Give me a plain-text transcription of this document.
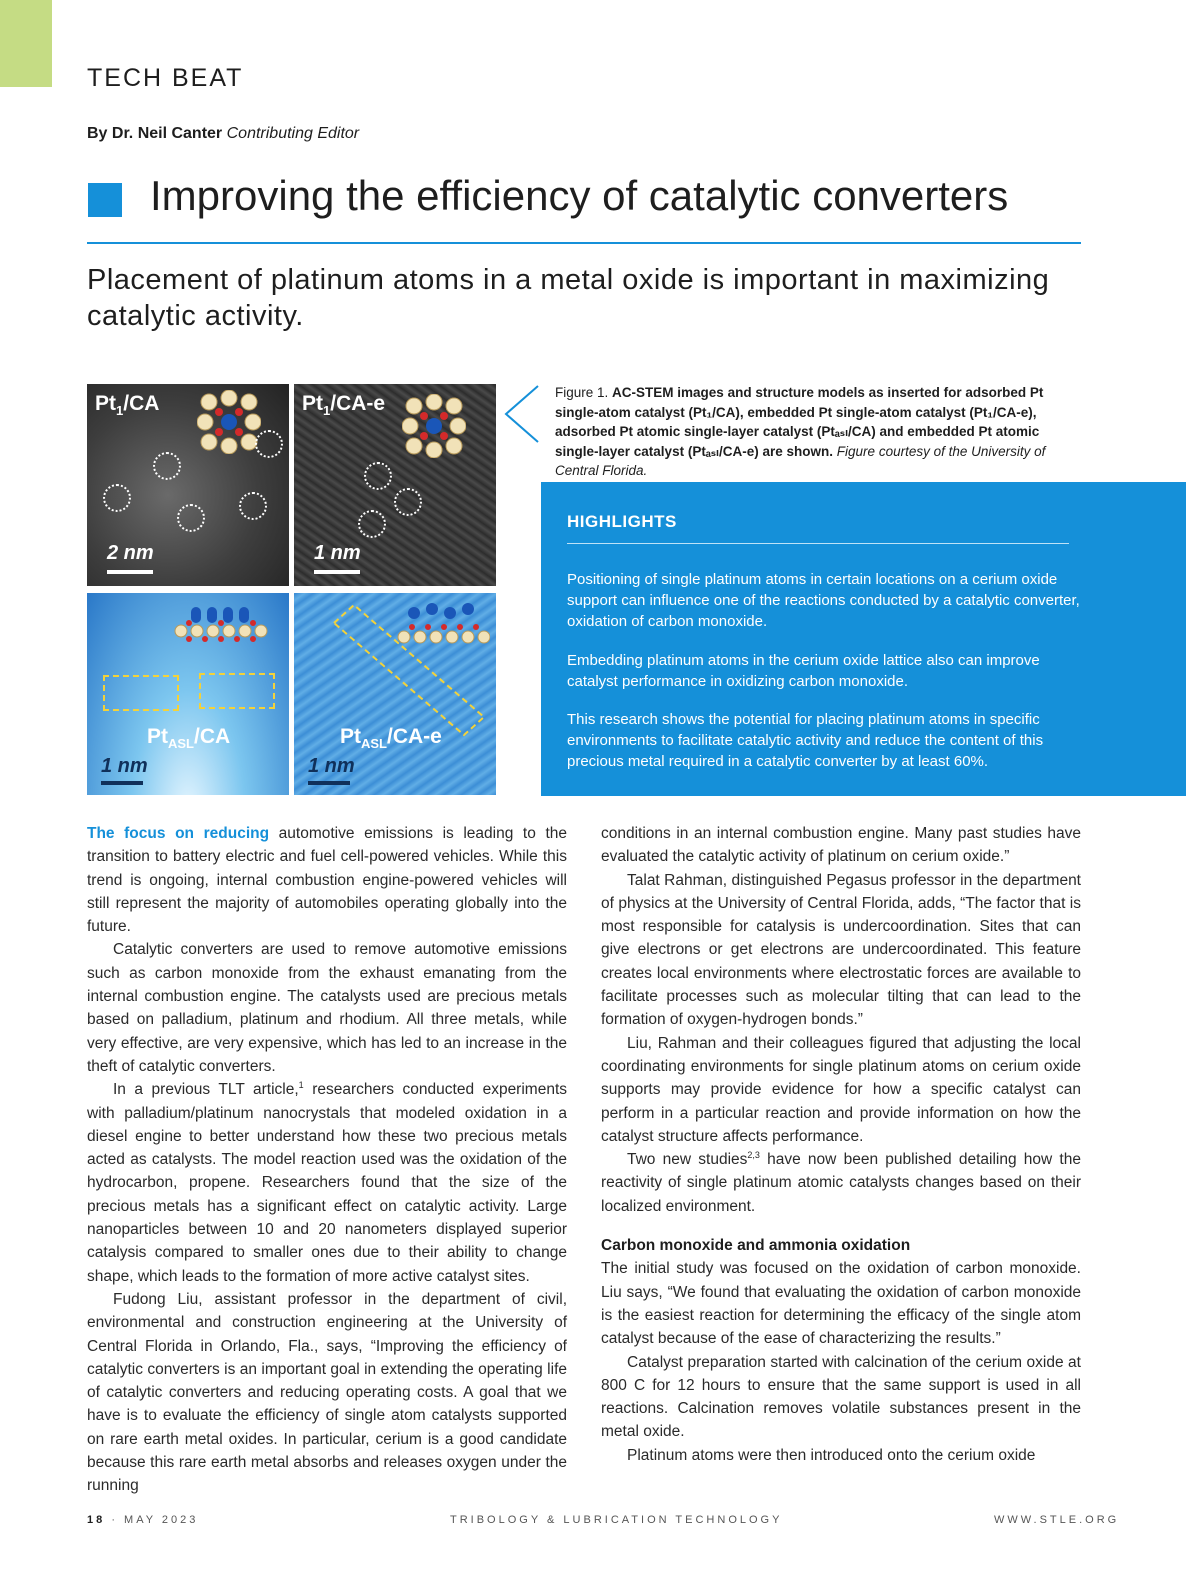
TECH BEAT
By Dr. Neil Canter Contributing Editor
Improving the efficiency of catalytic converters
Placement of platinum atoms in a metal oxide is important in maximizing catalytic activity.
$Pt_1/CA$
2 nm
$Pt_1/CA-e$
1 nm
$Pt_{ASL}/CA$
1 nm
$Pt_{ASL}/CA-e$
1 nm
Figure 1. AC-STEM images and structure models as inserted for adsorbed Pt single-atom catalyst (Pt₁/CA), embedded Pt single-atom catalyst (Pt₁/CA-e), adsorbed Pt atomic single-layer catalyst (Ptₐₛₗ/CA) and embedded Pt atomic single-layer catalyst (Ptₐₛₗ/CA-e) are shown. Figure courtesy of the University of Central Florida.
HIGHLIGHTS
Positioning of single platinum atoms in certain locations on a cerium oxide support can influence one of the reactions conducted by a catalytic converter, oxidation of carbon monoxide.
Embedding platinum atoms in the cerium oxide lattice also can improve catalyst performance in oxidizing carbon monoxide.
This research shows the potential for placing platinum atoms in specific environments to facilitate catalytic activity and reduce the content of this precious metal required in a catalytic converter by at least 60%.

The focus on reducing automotive emissions is leading to the transition to battery electric and fuel cell-powered vehicles. While this trend is ongoing, internal combustion engine-powered vehicles will still represent the majority of automobiles operating globally into the future.

Catalytic converters are used to remove automotive emissions such as carbon monoxide from the exhaust emanating from the internal combustion engine. The catalysts used are precious metals based on palladium, platinum and rhodium. All three metals, while very effective, are very expensive, which has led to an increase in the theft of catalytic converters.

In a previous TLT article,$^1$ researchers conducted experiments with palladium/platinum nanocrystals that modeled oxidation in a diesel engine to better understand how these two precious metals acted as catalysts. The model reaction used was the oxidation of the hydrocarbon, propene. Researchers found that the size of the precious metals has a significant effect on catalytic activity. Large nanoparticles between 10 and 20 nanometers displayed superior catalysis compared to smaller ones due to their ability to change shape, which leads to the formation of more active catalyst sites.

Fudong Liu, assistant professor in the department of civil, environmental and construction engineering at the University of Central Florida in Orlando, Fla., says, “Improving the efficiency of catalytic converters is an important goal in extending the operating life of catalytic converters and reducing operating costs. A goal that we have is to evaluate the efficiency of single atom catalysts supported on rare earth metal oxides. In particular, cerium is a good candidate because this rare earth metal absorbs and releases oxygen under the running

conditions in an internal combustion engine. Many past studies have evaluated the catalytic activity of platinum on cerium oxide.”

Talat Rahman, distinguished Pegasus professor in the department of physics at the University of Central Florida, adds, “The factor that is most responsible for catalysis is undercoordination. Sites that can give electrons or get electrons are undercoordinated. This feature creates local environments where electrostatic forces are available to facilitate processes such as molecular tilting that can lead to the formation of oxygen-hydrogen bonds.”

Liu, Rahman and their colleagues figured that adjusting the local coordinating environments for single platinum atoms on cerium oxide supports may provide evidence for how a specific catalyst can perform in a particular reaction and provide information on how the catalyst structure affects performance.

Two new studies$^{2,3}$ have now been published detailing how the reactivity of single platinum atomic catalysts changes based on their localized environment.

Carbon monoxide and ammonia oxidation

The initial study was focused on the oxidation of carbon monoxide. Liu says, “We found that evaluating the oxidation of carbon monoxide is the easiest reaction for determining the efficacy of the single atom catalyst because of the ease of characterizing the results.”

Catalyst preparation started with calcination of the cerium oxide at 800 C for 12 hours to ensure that the same support is used in all reactions. Calcination removes volatile substances present in the metal oxide.

Platinum atoms were then introduced onto the cerium oxide

18 · MAY 2023	TRIBOLOGY & LUBRICATION TECHNOLOGY	WWW.STLE.ORG
